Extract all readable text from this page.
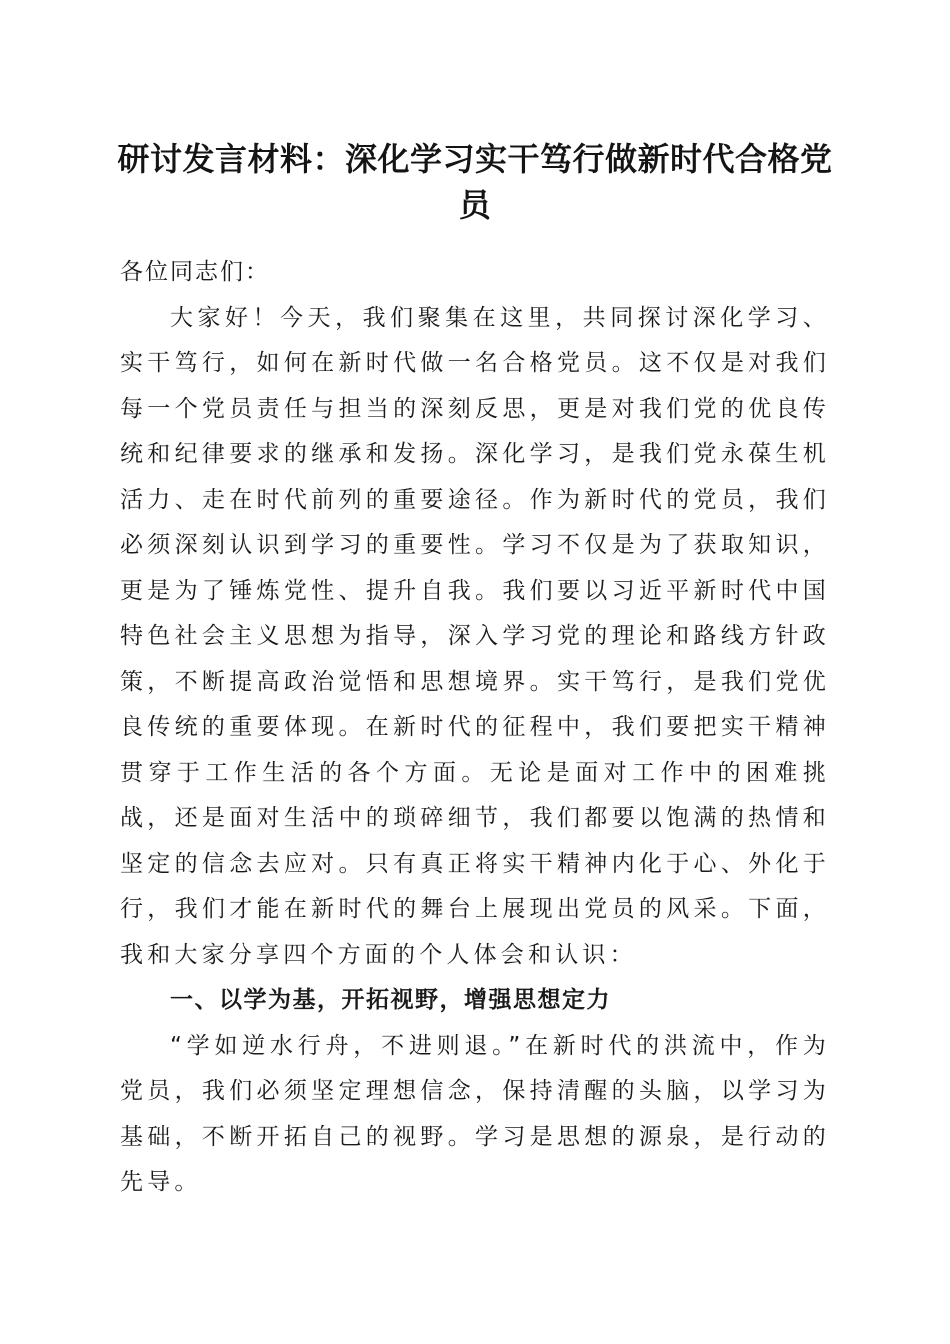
研讨发言材料：深化学习实干笃行做新时代合格党员

各位同志们：

大家好！今天，我们聚集在这里，共同探讨深化学习、实干笃行，如何在新时代做一名合格党员。这不仅是对我们每一个党员责任与担当的深刻反思，更是对我们党的优良传统和纪律要求的继承和发扬。深化学习，是我们党永葆生机活力、走在时代前列的重要途径。作为新时代的党员，我们必须深刻认识到学习的重要性。学习不仅是为了获取知识，更是为了锤炼党性、提升自我。我们要以习近平新时代中国特色社会主义思想为指导，深入学习党的理论和路线方针政策，不断提高政治觉悟和思想境界。实干笃行，是我们党优良传统的重要体现。在新时代的征程中，我们要把实干精神贯穿于工作生活的各个方面。无论是面对工作中的困难挑战，还是面对生活中的琐碎细节，我们都要以饱满的热情和坚定的信念去应对。只有真正将实干精神内化于心、外化于行，我们才能在新时代的舞台上展现出党员的风采。下面，我和大家分享四个方面的个人体会和认识：

一、以学为基，开拓视野，增强思想定力

“学如逆水行舟，不进则退。”在新时代的洪流中，作为党员，我们必须坚定理想信念，保持清醒的头脑，以学习为基础，不断开拓自己的视野。学习是思想的源泉，是行动的先导。
